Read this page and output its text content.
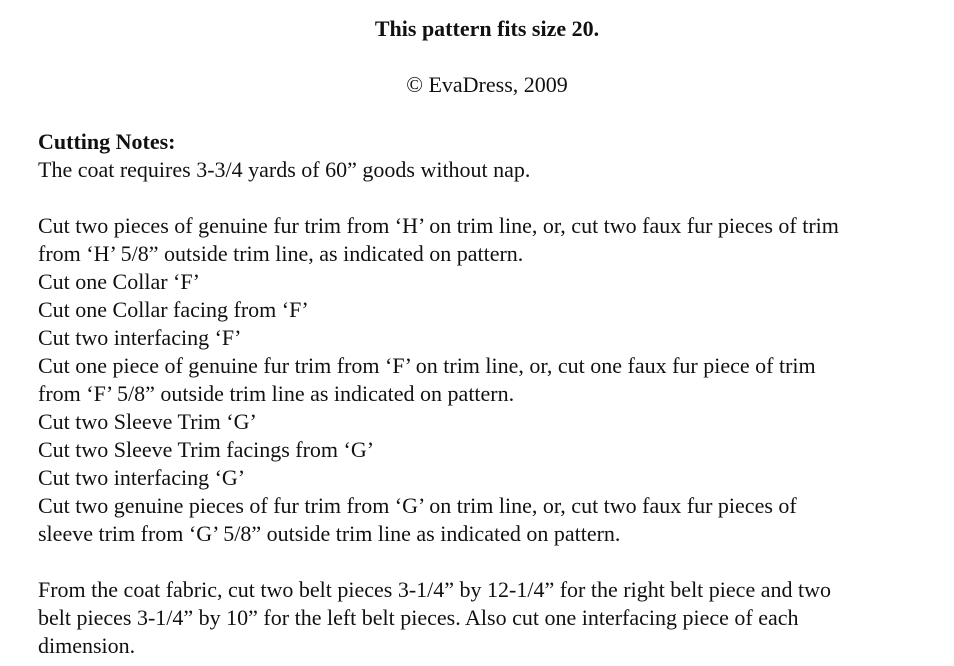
This pattern fits size 20.
© EvaDress, 2009
Cutting Notes:
The coat requires 3-3/4 yards of 60” goods without nap.
Cut two pieces of genuine fur trim from ‘H’ on trim line, or, cut two faux fur pieces of trim
from ‘H’ 5/8” outside trim line, as indicated on pattern.
Cut one Collar ‘F’
Cut one Collar facing from ‘F’
Cut two interfacing ‘F’
Cut one piece of genuine fur trim from ‘F’ on trim line, or, cut one faux fur piece of trim
from ‘F’ 5/8” outside trim line as indicated on pattern.
Cut two Sleeve Trim ‘G’
Cut two Sleeve Trim facings from ‘G’
Cut two interfacing ‘G’
Cut two genuine pieces of fur trim from ‘G’ on trim line, or, cut two faux fur pieces of
sleeve trim from ‘G’ 5/8” outside trim line as indicated on pattern.
From the coat fabric, cut two belt pieces 3-1/4” by 12-1/4” for the right belt piece and two
belt pieces 3-1/4” by 10” for the left belt pieces. Also cut one interfacing piece of each
dimension.
